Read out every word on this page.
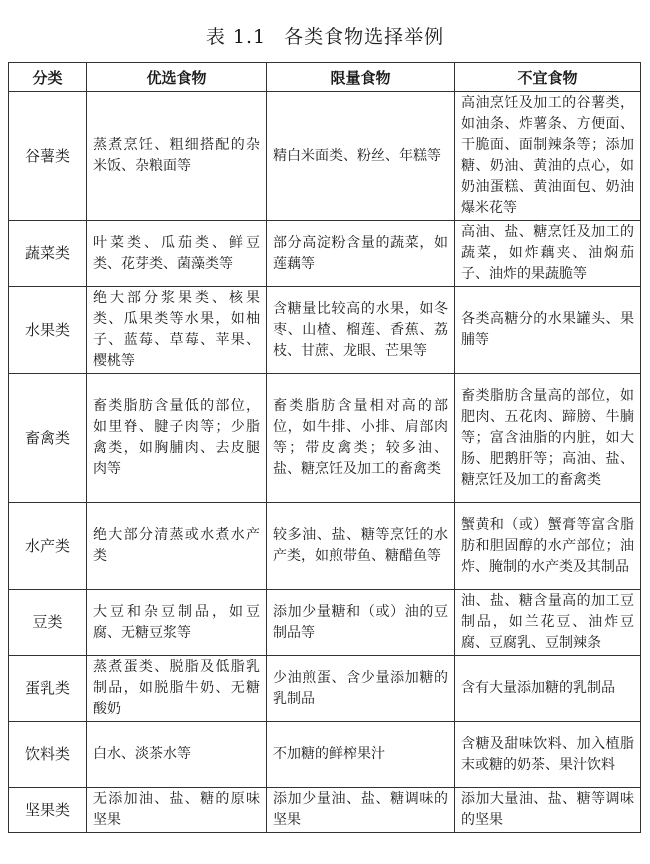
表 1.1 各类食物选择举例
分类	优选食物	限量食物	不宜食物
谷薯类	蒸煮烹饪、粗细搭配的杂米饭、杂粮面等	精白米面类、粉丝、年糕等	高油烹饪及加工的谷薯类，如油条、炸薯条、方便面、干脆面、面制辣条等；添加糖、奶油、黄油的点心，如奶油蛋糕、黄油面包、奶油爆米花等
蔬菜类	叶菜类、瓜茄类、鲜豆类、花芽类、菌藻类等	部分高淀粉含量的蔬菜，如莲藕等	高油、盐、糖烹饪及加工的蔬菜，如炸藕夹、油焖茄子、油炸的果蔬脆等
水果类	绝大部分浆果类、核果类、瓜果类等水果，如柚子、蓝莓、草莓、苹果、樱桃等	含糖量比较高的水果，如冬枣、山楂、榴莲、香蕉、荔枝、甘蔗、龙眼、芒果等	各类高糖分的水果罐头、果脯等
畜禽类	畜类脂肪含量低的部位，如里脊、腱子肉等；少脂禽类，如胸脯肉、去皮腿肉等	畜类脂肪含量相对高的部位，如牛排、小排、肩部肉等；带皮禽类；较多油、盐、糖烹饪及加工的畜禽类	畜类脂肪含量高的部位，如肥肉、五花肉、蹄膀、牛腩等；富含油脂的内脏，如大肠、肥鹅肝等；高油、盐、糖烹饪及加工的畜禽类
水产类	绝大部分清蒸或水煮水产类	较多油、盐、糖等烹饪的水产类，如煎带鱼、糖醋鱼等	蟹黄和（或）蟹膏等富含脂肪和胆固醇的水产部位；油炸、腌制的水产类及其制品
豆类	大豆和杂豆制品，如豆腐、无糖豆浆等	添加少量糖和（或）油的豆制品等	油、盐、糖含量高的加工豆制品，如兰花豆、油炸豆腐、豆腐乳、豆制辣条
蛋乳类	蒸煮蛋类、脱脂及低脂乳制品，如脱脂牛奶、无糖酸奶	少油煎蛋、含少量添加糖的乳制品	含有大量添加糖的乳制品
饮料类	白水、淡茶水等	不加糖的鲜榨果汁	含糖及甜味饮料、加入植脂末或糖的奶茶、果汁饮料
坚果类	无添加油、盐、糖的原味坚果	添加少量油、盐、糖调味的坚果	添加大量油、盐、糖等调味的坚果
